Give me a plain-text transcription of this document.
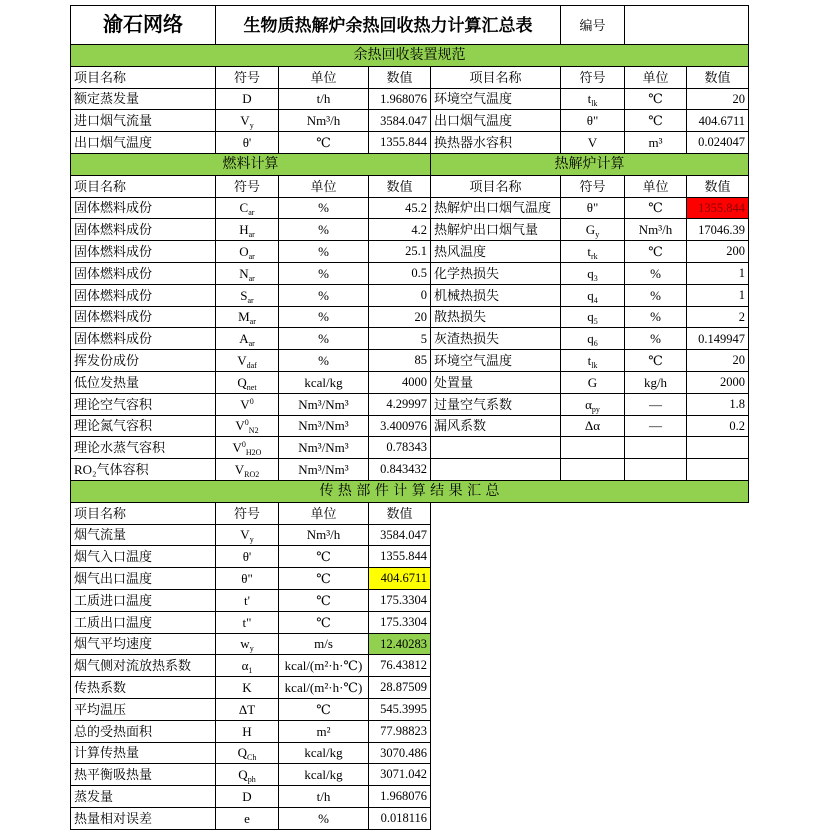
渝石网络	生物质热解炉余热回收热力计算汇总表	编号
余热回收装置规范
项目名称	符号	单位	数值	项目名称	符号	单位	数值
额定蒸发量	D	t/h	1.968076 环境空气温度	$t_{lk}$	℃	20
进口烟气流量	$V_y$	Nm³/h	3584.047 出口烟气温度	θ"	℃	404.6711
出口烟气温度	θ'	℃	1355.844 换热器水容积	V	m³	0.024047
燃料计算	热解炉计算
项目名称	符号	单位	数值	项目名称	符号	单位	数值
固体燃料成份	$C_{ar}$	%	45.2 热解炉出口烟气温度	θ"	℃	1355.844
固体燃料成份	$H_{ar}$	%	4.2 热解炉出口烟气量	$G_y$	Nm³/h	17046.39
固体燃料成份	$O_{ar}$	%	25.1 热风温度	$t_{rk}$	℃	200
固体燃料成份	$N_{ar}$	%	0.5 化学热损失	$q_3$	%	1
固体燃料成份	$S_{ar}$	%	0 机械热损失	$q_4$	%	1
固体燃料成份	$M_{ar}$	%	20 散热损失	$q_5$	%	2
固体燃料成份	$A_{ar}$	%	5 灰渣热损失	$q_6$	%	0.149947
挥发份成份	$V_{daf}$	%	85 环境空气温度	$t_{lk}$	℃	20
低位发热量	$Q_{net}$	kcal/kg	4000 处置量	G	kg/h	2000
理论空气容积	$V^0$	Nm³/Nm³	4.29997 过量空气系数	$\alpha_{py}$	—	1.8
理论氮气容积	$V^0_{N2}$	Nm³/Nm³	3.400976 漏风系数	Δα	—	0.2
理论水蒸气容积	$V^0_{H2O}$	Nm³/Nm³	0.78343
RO₂气体容积	$V_{RO2}$	Nm³/Nm³	0.843432
传 热 部 件 计 算 结 果 汇 总
项目名称	符号	单位	数值
烟气流量	$V_y$	Nm³/h	3584.047
烟气入口温度	θ'	℃	1355.844
烟气出口温度	θ"	℃	404.6711
工质进口温度	t'	℃	175.3304
工质出口温度	t"	℃	175.3304
烟气平均速度	$w_y$	m/s	12.40283
烟气侧对流放热系数	$\alpha_1$	kcal/(m²·h·℃)	76.43812
传热系数	K	kcal/(m²·h·℃)	28.87509
平均温压	ΔT	℃	545.3995
总的受热面积	H	m²	77.98823
计算传热量	$Q_{Ch}$	kcal/kg	3070.486
热平衡吸热量	$Q_{ph}$	kcal/kg	3071.042
蒸发量	D	t/h	1.968076
热量相对误差	e	%	0.018116
